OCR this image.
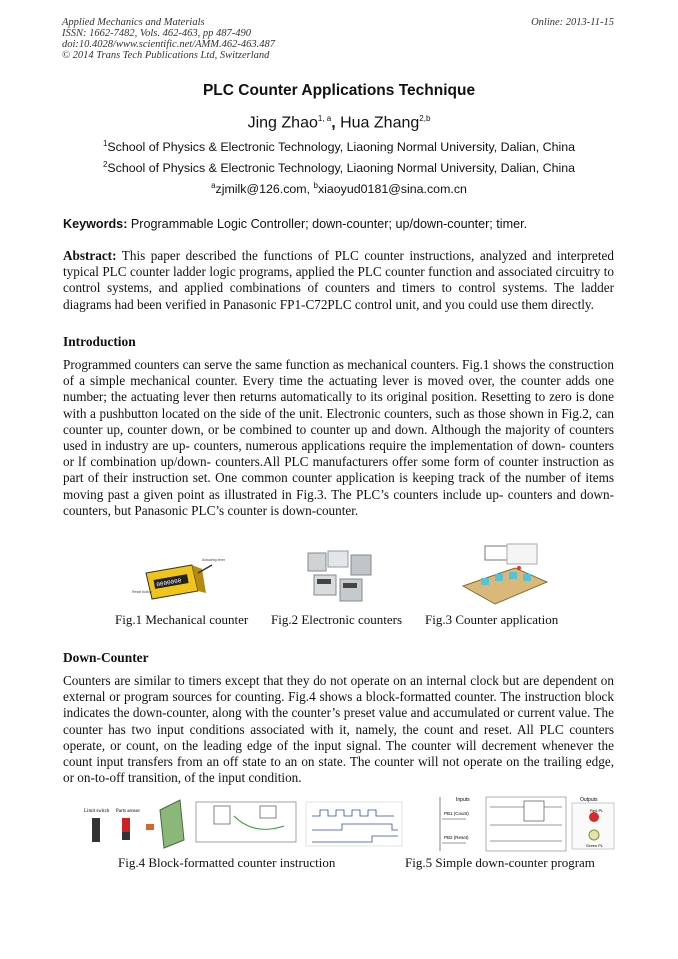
Applied Mechanics and Materials	Online: 2013-11-15
ISSN: 1662-7482, Vols. 462-463, pp 487-490
doi:10.4028/www.scientific.net/AMM.462-463.487
© 2014 Trans Tech Publications Ltd, Switzerland
PLC Counter Applications Technique
Jing Zhao$^{1, a}$, Hua Zhang$^{2,b}$
$^1$School of Physics & Electronic Technology, Liaoning Normal University, Dalian, China
$^2$School of Physics & Electronic Technology, Liaoning Normal University, Dalian, China
$^a$zjmilk@126.com, $^b$xiaoyud0181@sina.com.cn
Keywords: Programmable Logic Controller; down-counter; up/down-counter; timer.
Abstract: This paper described the functions of PLC counter instructions, analyzed and interpreted typical PLC counter ladder logic programs, applied the PLC counter function and associated circuitry to control systems, and applied combinations of counters and timers to control systems. The ladder diagrams had been verified in Panasonic FP1-C72PLC control unit, and you could use them directly.
Introduction
Programmed counters can serve the same function as mechanical counters. Fig.1 shows the construction of a simple mechanical counter. Every time the actuating lever is moved over, the counter adds one number; the actuating lever then returns automatically to its original position. Resetting to zero is done with a pushbutton located on the side of the unit. Electronic counters, such as those shown in Fig.2, can counter up, counter down, or be combined to counter up and down. Although the majority of counters used in industry are up- counters, numerous applications require the implementation of down- counters or lf combination up/down- counters.All PLC manufacturers offer some form of counter instruction as part of their instruction set. One common counter application is keeping track of the number of items moving past a given point as illustrated in Fig.3. The PLC’s counters include up- counters and down- counters, but Panasonic PLC’s counter is down-counter.
0000000
Actuating lever
Reset button
Fig.1 Mechanical counter Fig.2 Electronic counters Fig.3 Counter application
Down-Counter
Counters are similar to timers except that they do not operate on an internal clock but are dependent on external or program sources for counting. Fig.4 shows a block-formatted counter. The instruction block indicates the down-counter, along with the counter’s preset value and accumulated or current value. The counter has two input conditions associated with it, namely, the count and reset. All PLC counters operate, or count, on the leading edge of the input signal. The counter will decrement whenever the count input transfers from an off state to an on state. The counter will not operate on the trailing edge, or on-to-off transition, of the input condition.
Limit switch Parts sensor
Inputs	Outputs
PB1 (Count)
PB2 (Reset)
Red PL
Green PL
Fig.4 Block-formatted counter instruction	Fig.5 Simple down-counter program
